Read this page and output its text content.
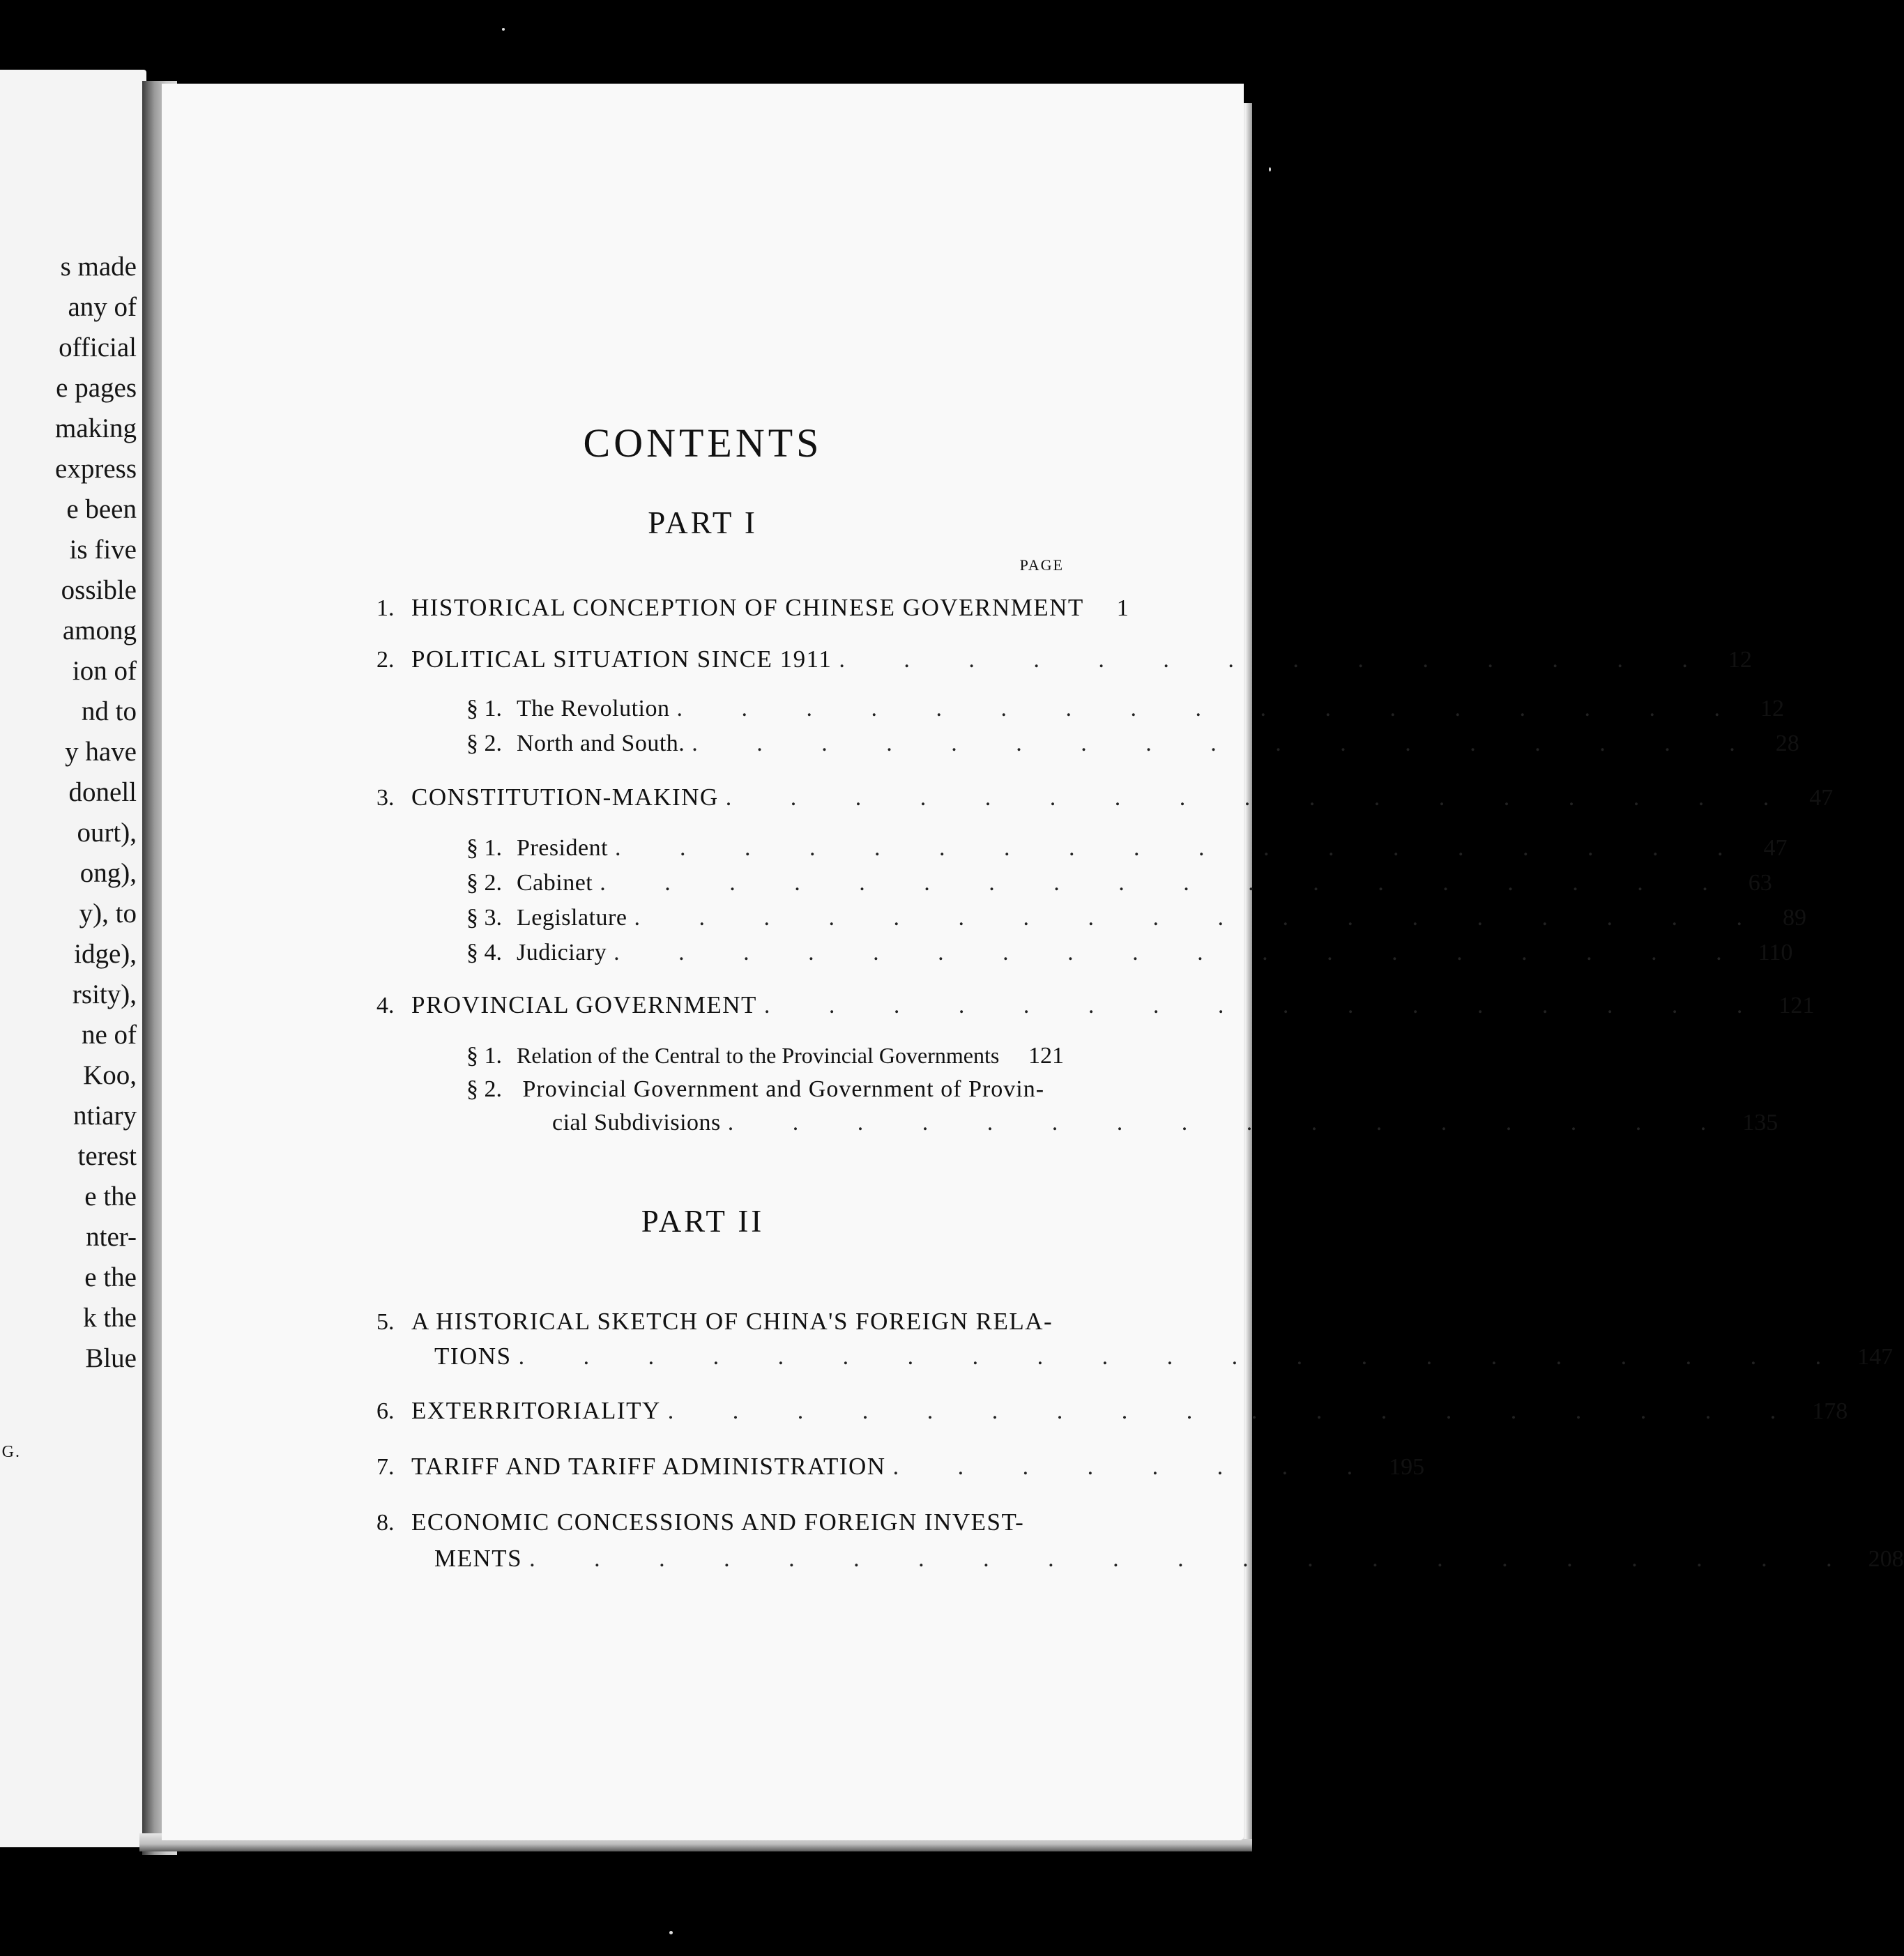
s made
any of
official
e pages
making
express
e been
is five
ossible
among
ion of
nd to
y have
donell
ourt),
ong),
y), to
idge),
rsity),
ne of
Koo,
ntiary
terest
e the
nter-
e the
k the
Blue
G.
CONTENTS
PART I
PAGE
1. HISTORICAL CONCEPTION OF CHINESE GOVERNMENT	1
2. POLITICAL SITUATION SINCE 1911 . . . . . . . . . . . . . . 12
§ 1. The Revolution . . . . . . . . . . . . . . . . . 12
§ 2. North and South. . . . . . . . . . . . . . . . . . 28
3. CONSTITUTION-MAKING . . . . . . . . . . . . . . . . . 47
§ 1. President . . . . . . . . . . . . . . . . . . 47
§ 2. Cabinet . . . . . . . . . . . . . . . . . . 63
§ 3. Legislature . . . . . . . . . . . . . . . . . . 89
§ 4. Judiciary . . . . . . . . . . . . . . . . . . 110
4. PROVINCIAL GOVERNMENT . . . . . . . . . . . . . . . . 121
§ 1. Relation of the Central to the Provincial Governments 121
§ 2. Provincial Government and Government of Provin-
cial Subdivisions . . . . . . . . . . . . . . . . 135
PART II
5. A HISTORICAL SKETCH OF CHINA'S FOREIGN RELA-
TIONS . . . . . . . . . . . . . . . . . . . . . 147
6. EXTERRITORIALITY . . . . . . . . . . . . . . . . . . 178
7. TARIFF AND TARIFF ADMINISTRATION . . . . . . . . 195
8. ECONOMIC CONCESSIONS AND FOREIGN INVEST-
MENTS . . . . . . . . . . . . . . . . . . . . . 208
